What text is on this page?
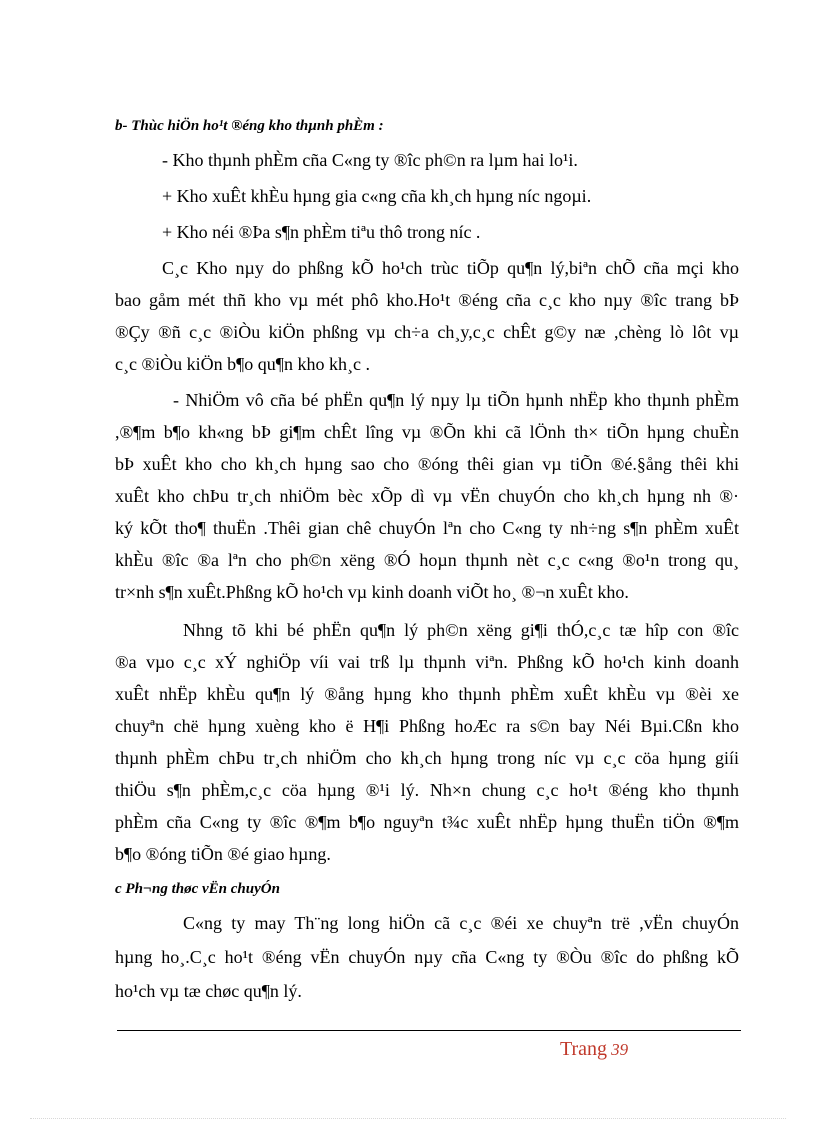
b- Thùc hiÖn ho¹t ®éng kho thµnh phÈm :
- Kho thµnh phÈm cña C«ng ty ®îc ph©n ra lµm hai lo¹i.
+ Kho xuÊt khÈu hµng gia c«ng cña kh¸ch hµng níc ngoµi.
+ Kho néi ®Þa s¶n phÈm tiªu thô trong níc .
C¸c Kho nµy do phßng kÕ ho¹ch trùc tiÕp qu¶n lý,biªn chÕ cña mçi kho
bao gåm mét thñ kho vµ mét phô kho.Ho¹t ®éng cña c¸c kho nµy ®îc trang bÞ
®Çy ®ñ c¸c ®iÒu kiÖn phßng vµ ch÷a ch¸y,c¸c chÊt g©y næ ,chèng lò lôt vµ
c¸c ®iÒu kiÖn b¶o qu¶n kho kh¸c .
- NhiÖm vô cña bé phËn qu¶n lý nµy lµ tiÕn hµnh nhËp kho thµnh phÈm
,®¶m b¶o kh«ng bÞ gi¶m chÊt lîng vµ ®Õn khi cã lÖnh th× tiÕn hµng chuÈn
bÞ xuÊt kho cho kh¸ch hµng sao cho ®óng thêi gian vµ tiÕn ®é.§ång thêi khi
xuÊt kho chÞu tr¸ch nhiÖm bèc xÕp dì vµ vËn chuyÓn cho kh¸ch hµng nh ®·
ký kÕt tho¶ thuËn .Thêi gian chê chuyÓn lªn cho C«ng ty nh÷ng s¶n phÈm xuÊt
khÈu ®îc ®a lªn cho ph©n xëng ®Ó hoµn thµnh nèt c¸c c«ng ®o¹n trong qu¸
tr×nh s¶n xuÊt.Phßng kÕ ho¹ch vµ kinh doanh viÕt ho¸ ®¬n xuÊt kho.
Nhng tõ khi bé phËn qu¶n lý ph©n xëng gi¶i thÓ,c¸c tæ hîp con ®îc
®a vµo c¸c xÝ nghiÖp víi vai trß lµ thµnh viªn. Phßng kÕ ho¹ch kinh doanh
xuÊt nhËp khÈu qu¶n lý ®ång hµng kho thµnh phÈm xuÊt khÈu vµ ®èi xe
chuyªn chë hµng xuèng kho ë H¶i Phßng hoÆc ra s©n bay Néi Bµi.Cßn kho
thµnh phÈm chÞu tr¸ch nhiÖm cho kh¸ch hµng trong níc vµ c¸c cöa hµng giíi
thiÖu s¶n phÈm,c¸c cöa hµng ®¹i lý. Nh×n chung c¸c ho¹t ®éng kho thµnh
phÈm cña C«ng ty ®îc ®¶m b¶o nguyªn t¾c xuÊt nhËp hµng thuËn tiÖn ®¶m
b¶o ®óng tiÕn ®é giao hµng.
c Ph¬ng thøc vËn chuyÓn
C«ng ty may Th¨ng long hiÖn cã c¸c ®éi xe chuyªn trë ,vËn chuyÓn
hµng ho¸.C¸c ho¹t ®éng vËn chuyÓn nµy cña C«ng ty ®Òu ®îc do phßng kÕ
ho¹ch vµ tæ chøc qu¶n lý.
Trang 39
